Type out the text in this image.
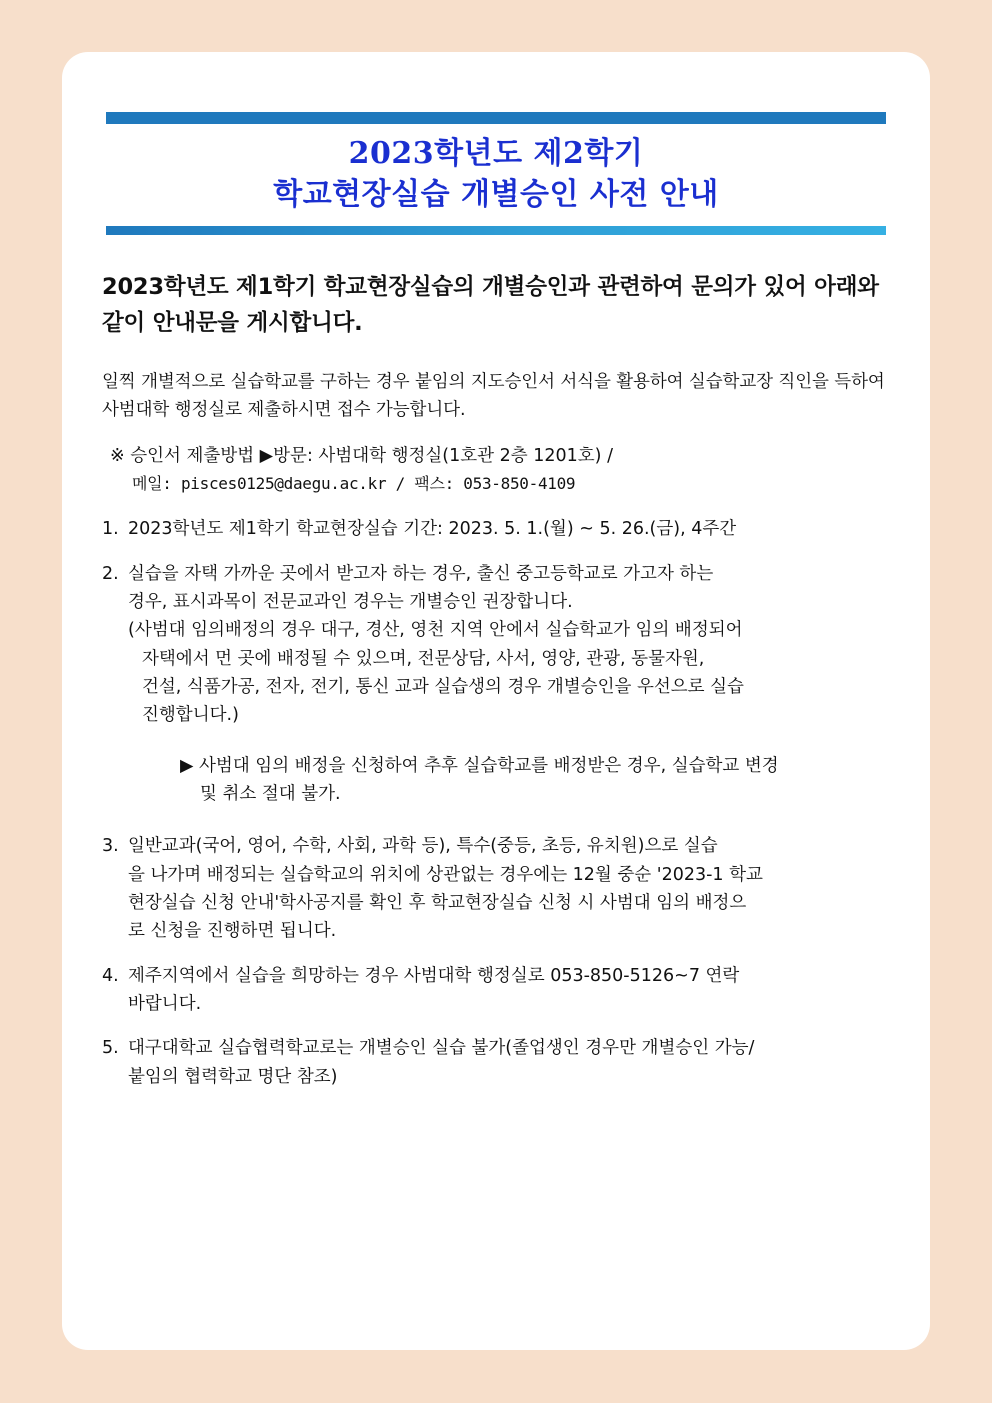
2023학년도 제2학기
학교현장실습 개별승인 사전 안내

2023학년도 제1학기 학교현장실습의 개별승인과 관련하여 문의가 있어 아래와 같이 안내문을 게시합니다.

일찍 개별적으로 실습학교를 구하는 경우 붙임의 지도승인서 서식을 활용하여 실습학교장 직인을 득하여 사범대학 행정실로 제출하시면 접수 가능합니다.

※ 승인서 제출방법 ▶방문: 사범대학 행정실(1호관 2층 1201호) /
메일: pisces0125@daegu.ac.kr / 팩스: 053-850-4109
1. 2023학년도 제1학기 학교현장실습 기간: 2023. 5. 1.(월) ~ 5. 26.(금), 4주간
2. 실습을 자택 가까운 곳에서 받고자 하는 경우, 출신 중고등학교로 가고자 하는
경우, 표시과목이 전문교과인 경우는 개별승인 권장합니다.
(사범대 임의배정의 경우 대구, 경산, 영천 지역 안에서 실습학교가 임의 배정되어
자택에서 먼 곳에 배정될 수 있으며, 전문상담, 사서, 영양, 관광, 동물자원,
건설, 식품가공, 전자, 전기, 통신 교과 실습생의 경우 개별승인을 우선으로 실습
진행합니다.)
▶ 사범대 임의 배정을 신청하여 추후 실습학교를 배정받은 경우, 실습학교 변경
및 취소 절대 불가.
3. 일반교과(국어, 영어, 수학, 사회, 과학 등), 특수(중등, 초등, 유치원)으로 실습
을 나가며 배정되는 실습학교의 위치에 상관없는 경우에는 12월 중순 '2023-1 학교
현장실습 신청 안내'학사공지를 확인 후 학교현장실습 신청 시 사범대 임의 배정으
로 신청을 진행하면 됩니다.
4. 제주지역에서 실습을 희망하는 경우 사범대학 행정실로 053-850-5126~7 연락
바랍니다.
5. 대구대학교 실습협력학교로는 개별승인 실습 불가(졸업생인 경우만 개별승인 가능/
붙임의 협력학교 명단 참조)
